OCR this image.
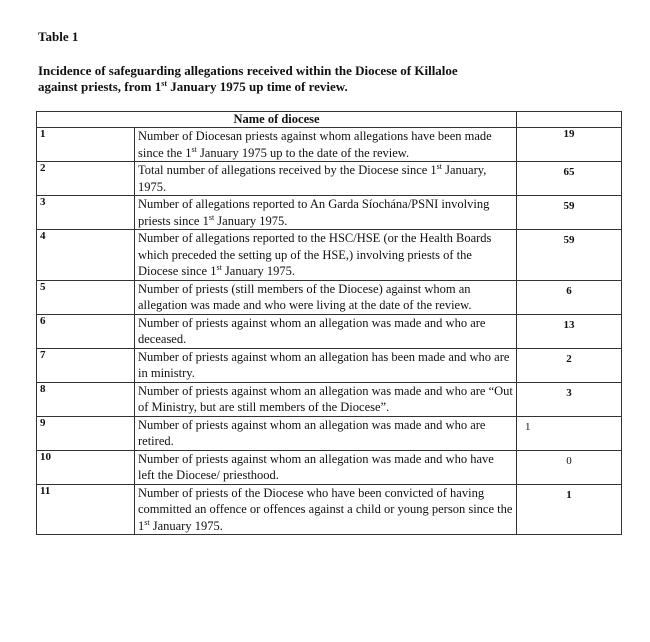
Table 1
Incidence of safeguarding allegations received within the Diocese of Killaloe
against priests, from 1st January 1975 up time of review.
Name of diocese		
1	Number of Diocesan priests against whom allegations have been made since the 1st January 1975 up to the date of the review.	19
2	Total number of allegations received by the Diocese since 1st January, 1975.	65
3	Number of allegations reported to An Garda Síochána/PSNI involving priests since 1st January 1975.	59
4	Number of allegations reported to the HSC/HSE (or the Health Boards which preceded the setting up of the HSE,) involving priests of the Diocese since 1st January 1975.	59
5	Number of priests (still members of the Diocese) against whom an allegation was made and who were living at the date of the review.	6
6	Number of priests against whom an allegation was made and who are deceased.	13
7	Number of priests against whom an allegation has been made and who are in ministry.	2
8	Number of priests against whom an allegation was made and who are “Out of Ministry, but are still members of the Diocese”.	3
9	Number of priests against whom an allegation was made and who are retired.	1
10	Number of priests against whom an allegation was made and who have left the Diocese/ priesthood.	0
11	Number of priests of the Diocese who have been convicted of having committed an offence or offences against a child or young person since the 1st January 1975.	1
